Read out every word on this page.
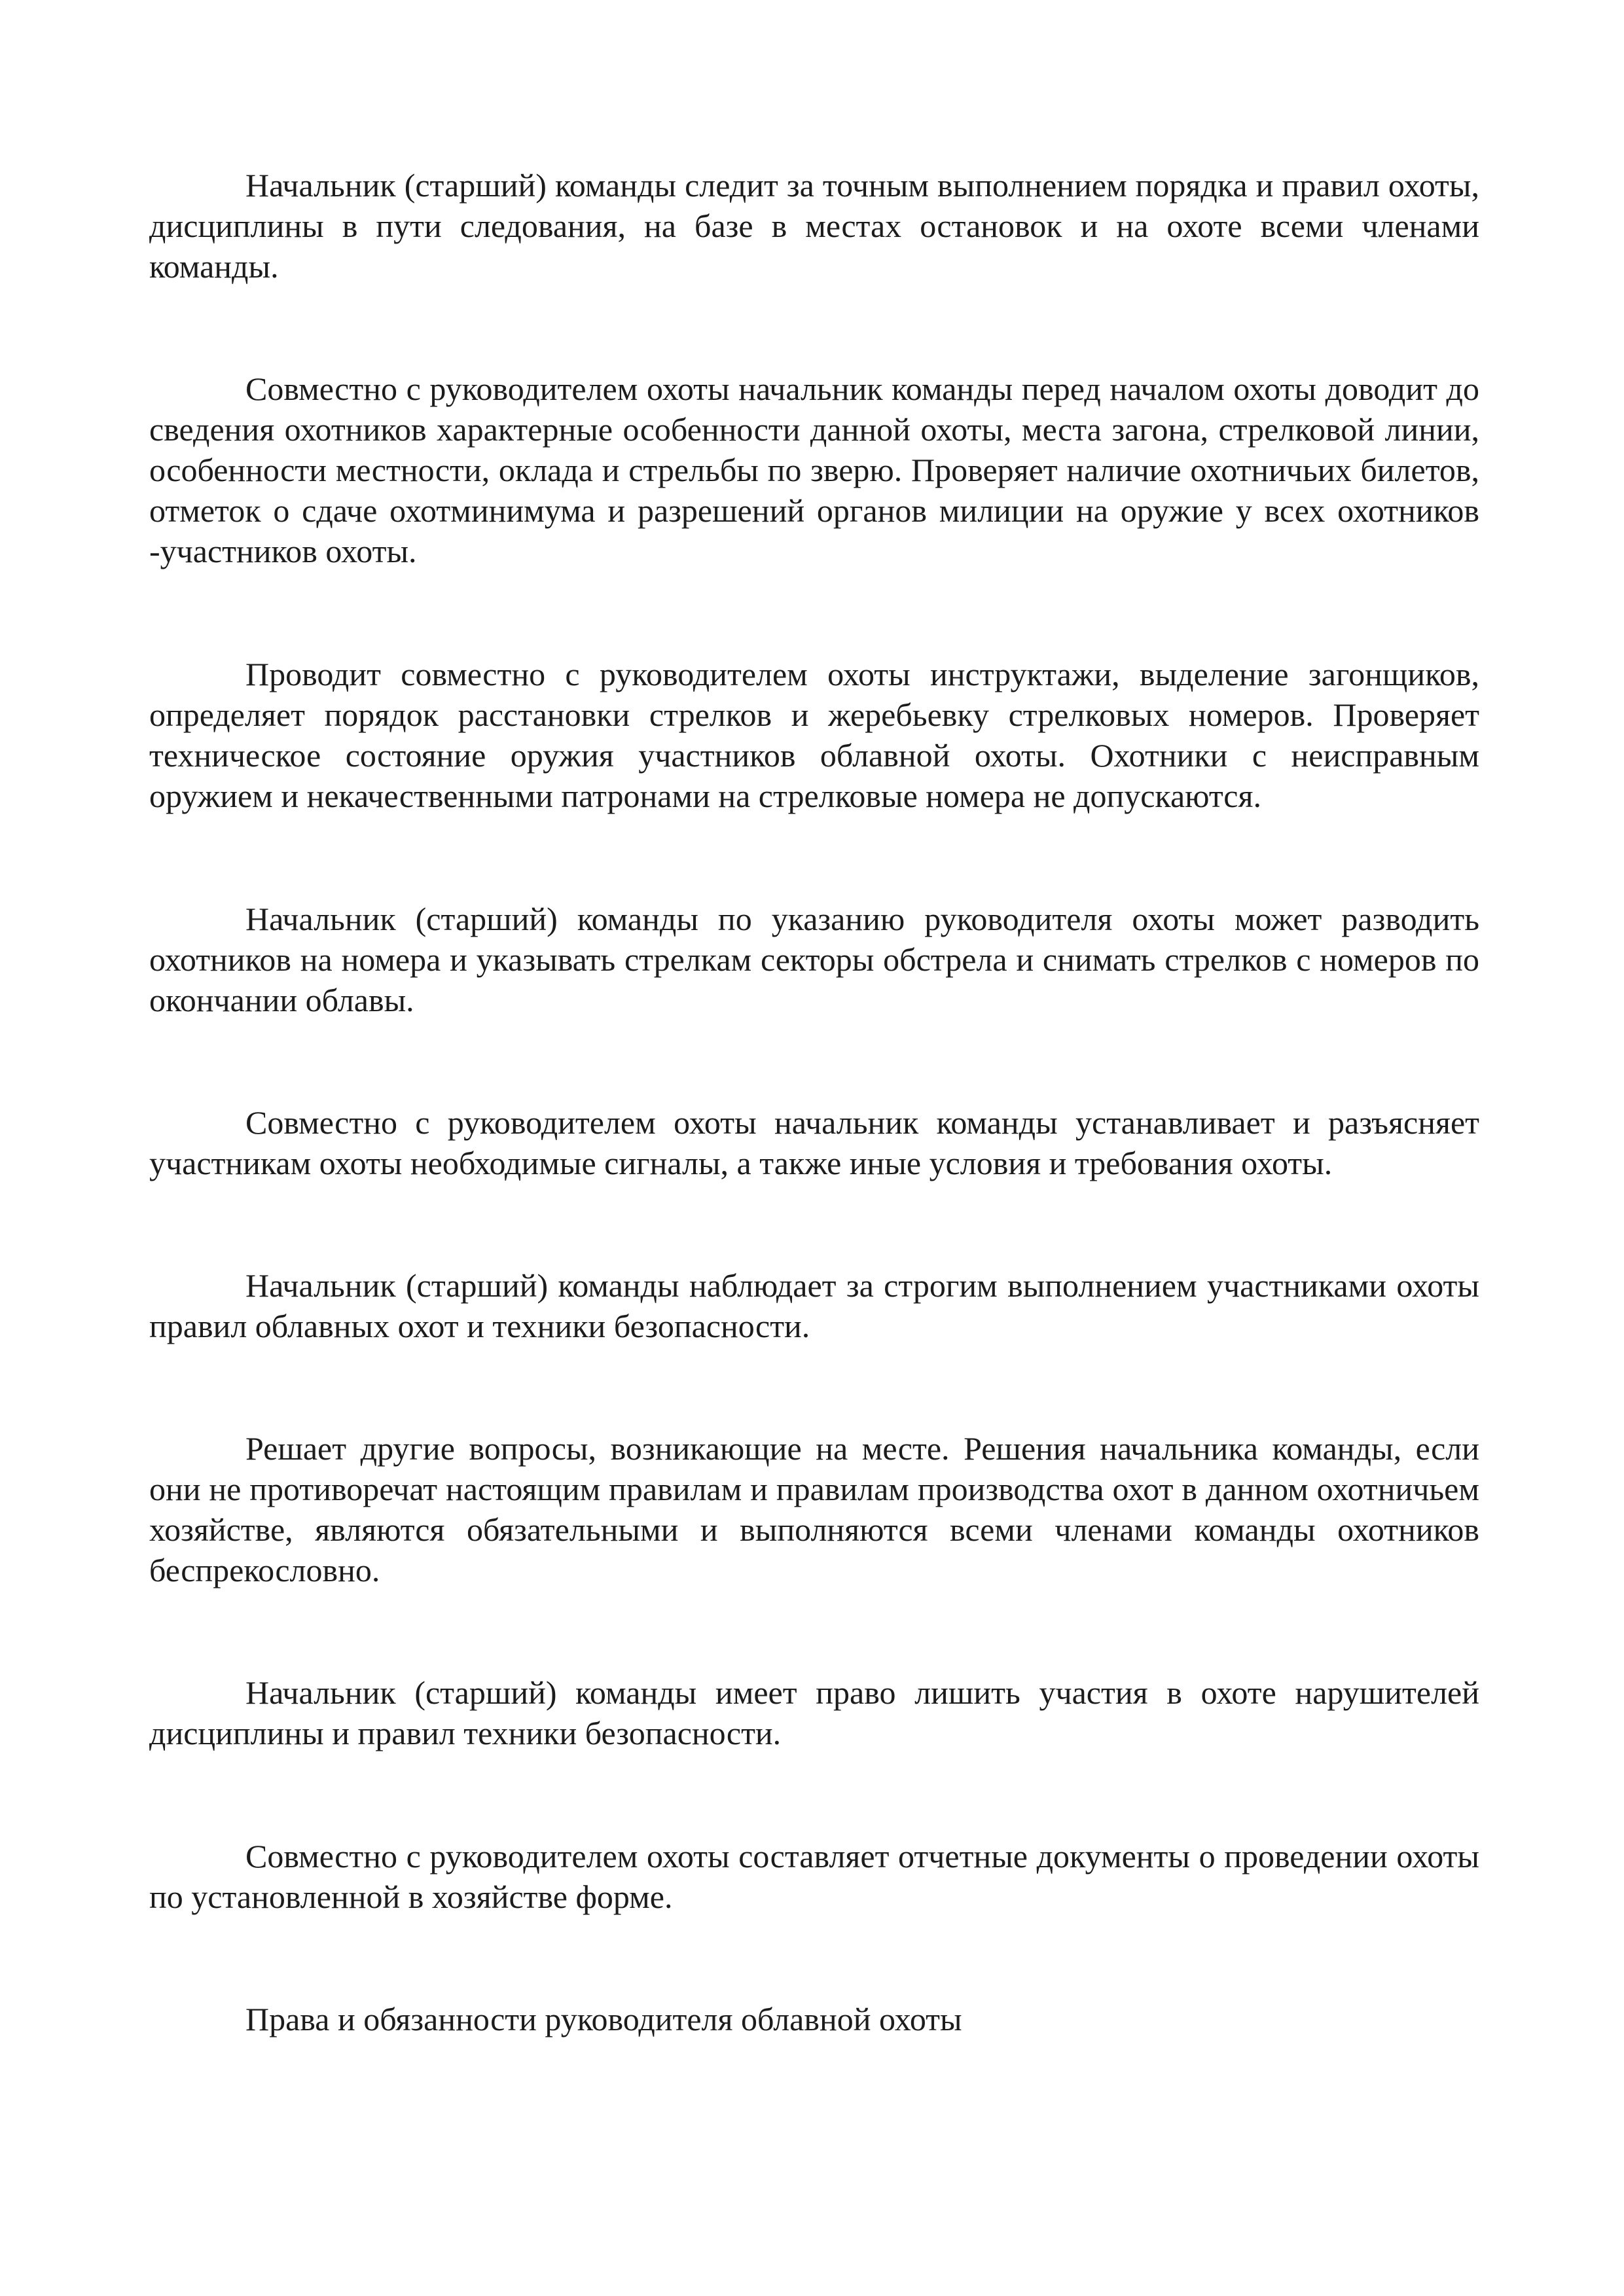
Начальник (старший) команды следит за точным выполнением порядка и правил охоты, дисциплины в пути следования, на базе в местах остановок и на охоте всеми членами команды.

Совместно с руководителем охоты начальник команды перед началом охоты доводит до сведения охотников характерные особенности данной охоты, места загона, стрелковой линии, особенности местности, оклада и стрельбы по зверю. Проверяет наличие охотничьих билетов, отметок о сдаче охотминимума и разрешений органов милиции на оружие у всех охотников -участников охоты.

Проводит совместно с руководителем охоты инструктажи, выделение загонщиков, определяет порядок расстановки стрелков и жеребьевку стрелковых номеров. Проверяет техническое состояние оружия участников облавной охоты. Охотники с неисправным оружием и некачественными патронами на стрелковые номера не допускаются.

Начальник (старший) команды по указанию руководителя охоты может разводить охотников на номера и указывать стрелкам секторы обстрела и снимать стрелков с номеров по окончании облавы.

Совместно с руководителем охоты начальник команды устанавливает и разъясняет участникам охоты необходимые сигналы, а также иные условия и требования охоты.

Начальник (старший) команды наблюдает за строгим выполнением участниками охоты правил облавных охот и техники безопасности.

Решает другие вопросы, возникающие на месте. Решения начальника команды, если они не противоречат настоящим правилам и правилам производства охот в данном охотничьем хозяйстве, являются обязательными и выполняются всеми членами команды охотников беспрекословно.

Начальник (старший) команды имеет право лишить участия в охоте нарушителей дисциплины и правил техники безопасности.

Совместно с руководителем охоты составляет отчетные документы о проведении охоты по установленной в хозяйстве форме.

Права и обязанности руководителя облавной охоты
